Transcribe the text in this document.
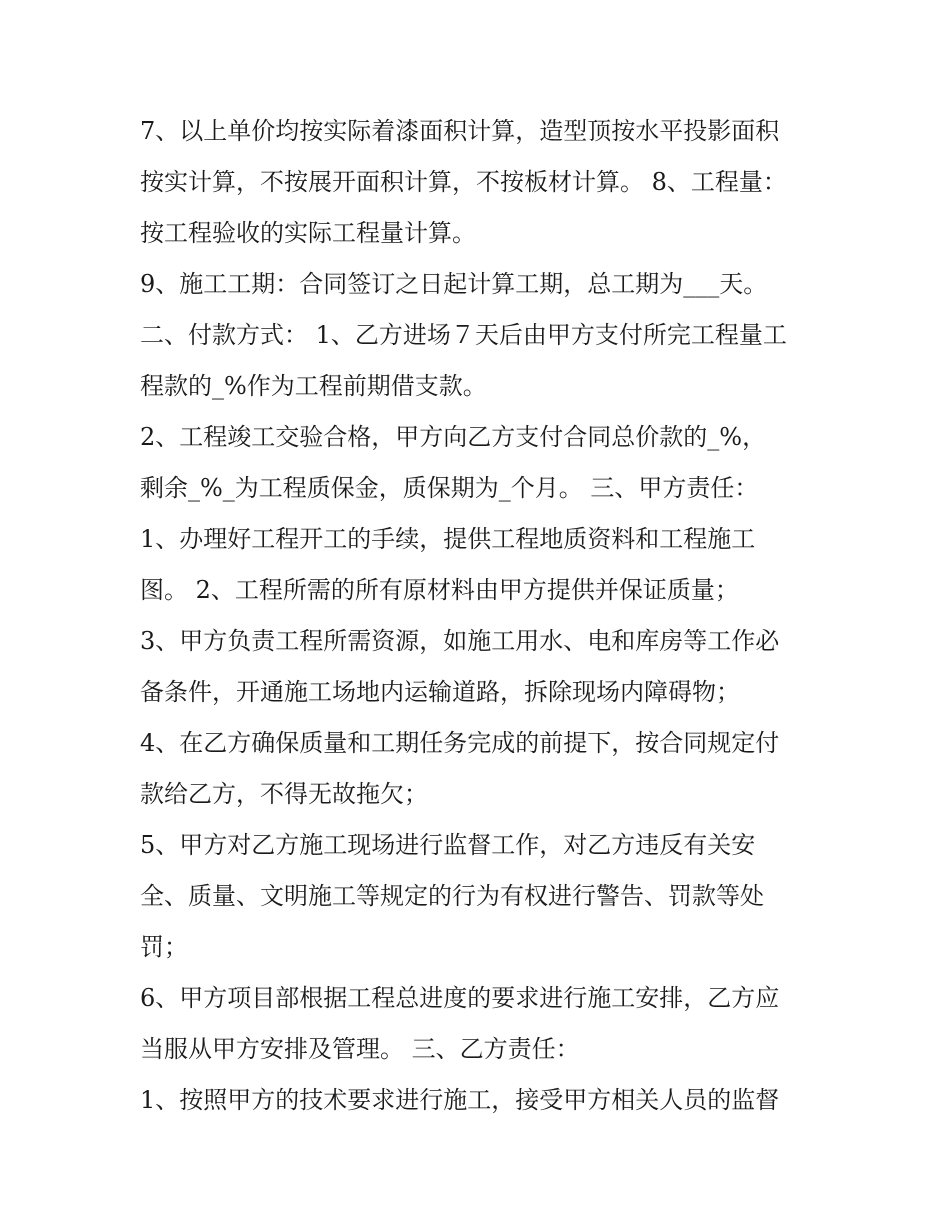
7、以上单价均按实际着漆面积计算，造型顶按水平投影面积
按实计算，不按展开面积计算，不按板材计算。 8、工程量：
按工程验收的实际工程量计算。
9、施工工期：合同签订之日起计算工期，总工期为___天。
二、付款方式： 1、乙方进场７天后由甲方支付所完工程量工
程款的_%作为工程前期借支款。
2、工程竣工交验合格，甲方向乙方支付合同总价款的_%，
剩余_%_为工程质保金，质保期为_个月。 三、甲方责任：
1、办理好工程开工的手续，提供工程地质资料和工程施工
图。 2、工程所需的所有原材料由甲方提供并保证质量；
3、甲方负责工程所需资源，如施工用水、电和库房等工作必
备条件，开通施工场地内运输道路，拆除现场内障碍物；
4、在乙方确保质量和工期任务完成的前提下，按合同规定付
款给乙方，不得无故拖欠；
5、甲方对乙方施工现场进行监督工作，对乙方违反有关安
全、质量、文明施工等规定的行为有权进行警告、罚款等处
罚；
6、甲方项目部根据工程总进度的要求进行施工安排，乙方应
当服从甲方安排及管理。 三、乙方责任：
1、按照甲方的技术要求进行施工，接受甲方相关人员的监督
